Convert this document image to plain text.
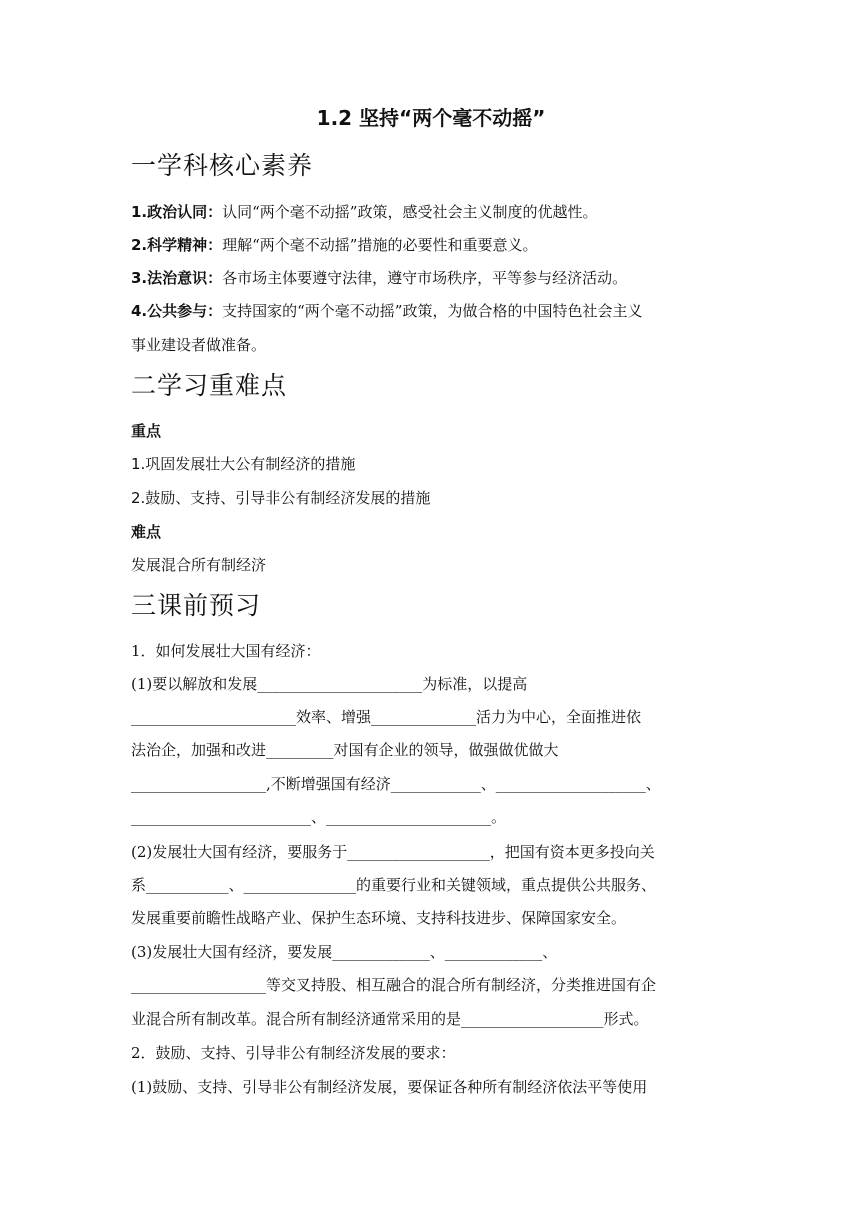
1.2 坚持“两个毫不动摇”
一学科核心素养
1.政治认同：认同“两个毫不动摇”政策，感受社会主义制度的优越性。
2.科学精神：理解“两个毫不动摇”措施的必要性和重要意义。
3.法治意识：各市场主体要遵守法律，遵守市场秩序，平等参与经济活动。
4.公共参与：支持国家的“两个毫不动摇”政策，为做合格的中国特色社会主义
事业建设者做准备。
二学习重难点
重点
1.巩固发展壮大公有制经济的措施
2.鼓励、支持、引导非公有制经济发展的措施
难点
发展混合所有制经济
三课前预习
1．如何发展壮大国有经济：
(1)要以解放和发展______________________为标准，以提高
______________________效率、增强______________活力为中心，全面推进依
法治企，加强和改进_________对国有企业的领导，做强做优做大
__________________,不断增强国有经济____________、____________________、
________________________、______________________。
(2)发展壮大国有经济，要服务于___________________，把国有资本更多投向关
系___________、_______________的重要行业和关键领域，重点提供公共服务、
发展重要前瞻性战略产业、保护生态环境、支持科技进步、保障国家安全。
(3)发展壮大国有经济，要发展_____________、_____________、
__________________等交叉持股、相互融合的混合所有制经济，分类推进国有企
业混合所有制改革。混合所有制经济通常采用的是___________________形式。
2．鼓励、支持、引导非公有制经济发展的要求：
(1)鼓励、支持、引导非公有制经济发展，要保证各种所有制经济依法平等使用
